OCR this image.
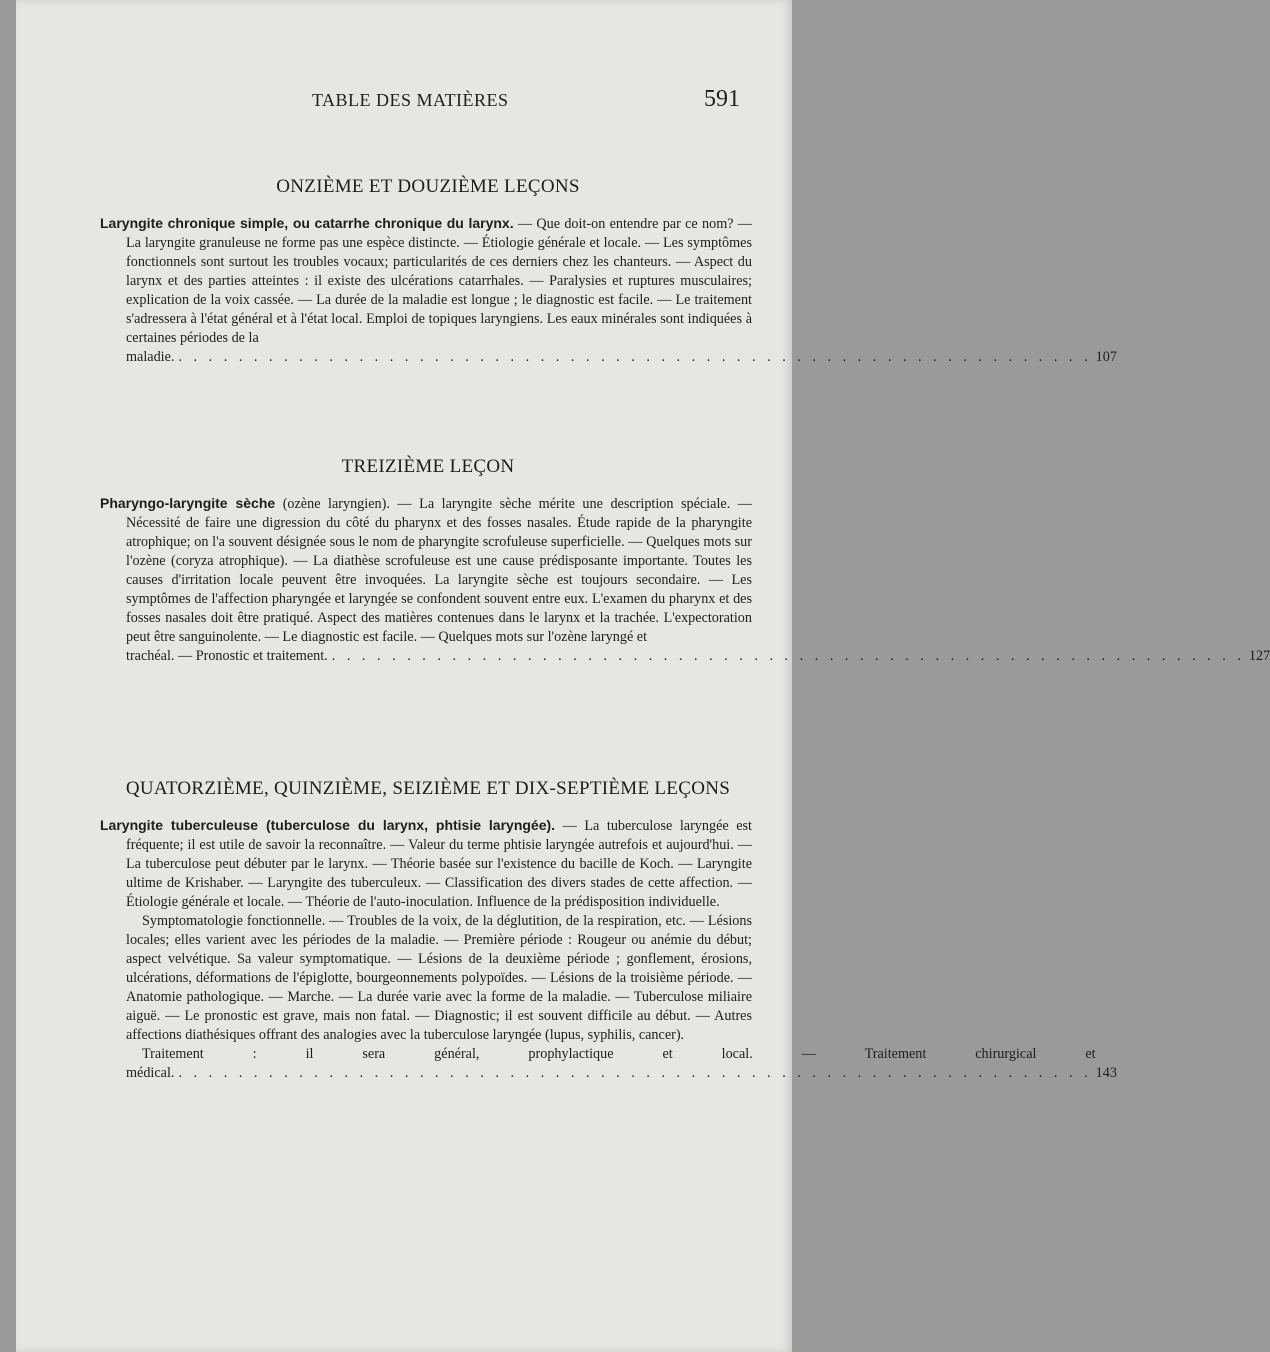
TABLE DES MATIÈRES	591
ONZIÈME ET DOUZIÈME LEÇONS

Laryngite chronique simple, ou catarrhe chronique du larynx. — Que doit-on entendre par ce nom? — La laryngite granuleuse ne forme pas une espèce distincte. — Étiologie générale et locale. — Les symptômes fonctionnels sont surtout les troubles vocaux; particularités de ces derniers chez les chanteurs. — Aspect du larynx et des parties atteintes : il existe des ulcérations catarrhales. — Paralysies et ruptures musculaires; explication de la voix cassée. — La durée de la maladie est longue ; le diagnostic est facile. — Le traitement s'adressera à l'état général et à l'état local. Emploi de topiques laryngiens. Les eaux minérales sont indiquées à certaines périodes de la

maladie. . . .	107

TREIZIÈME LEÇON

Pharyngo-laryngite sèche (ozène laryngien). — La laryngite sèche mérite une description spéciale. — Nécessité de faire une digression du côté du pharynx et des fosses nasales. Étude rapide de la pharyngite atrophique; on l'a souvent désignée sous le nom de pharyngite scrofuleuse superficielle. — Quelques mots sur l'ozène (coryza atrophique). — La diathèse scrofuleuse est une cause prédisposante importante. Toutes les causes d'irritation locale peuvent être invoquées. La laryngite sèche est toujours secondaire. — Les symptômes de l'affection pharyngée et laryngée se confondent souvent entre eux. L'examen du pharynx et des fosses nasales doit être pratiqué. Aspect des matières contenues dans le larynx et la trachée. L'expectoration peut être sanguinolente. — Le diagnostic est facile. — Quelques mots sur l'ozène laryngé et

trachéal. — Pronostic et traitement. . . .	127

QUATORZIÈME, QUINZIÈME, SEIZIÈME ET DIX-SEPTIÈME LEÇONS

Laryngite tuberculeuse (tuberculose du larynx, phtisie laryngée). — La tuberculose laryngée est fréquente; il est utile de savoir la reconnaître. — Valeur du terme phtisie laryngée autrefois et aujourd'hui. — La tuberculose peut débuter par le larynx. — Théorie basée sur l'existence du bacille de Koch. — Laryngite ultime de Krishaber. — Laryngite des tuberculeux. — Classification des divers stades de cette affection. — Étiologie générale et locale. — Théorie de l'auto-inoculation. Influence de la prédisposition individuelle.

Symptomatologie fonctionnelle. — Troubles de la voix, de la déglutition, de la respiration, etc. — Lésions locales; elles varient avec les périodes de la maladie. — Première période : Rougeur ou anémie du début; aspect velvétique. Sa valeur symptomatique. — Lésions de la deuxième période ; gonflement, érosions, ulcérations, déformations de l'épiglotte, bourgeonnements polypoïdes. — Lésions de la troisième période. — Anatomie pathologique. — Marche. — La durée varie avec la forme de la maladie. — Tuberculose miliaire aiguë. — Le pronostic est grave, mais non fatal. — Diagnostic; il est souvent difficile au début. — Autres affections diathésiques offrant des analogies avec la tuberculose laryngée (lupus, syphilis, cancer).

Traitement : il sera général, prophylactique et local. — Traitement chirurgical et médical. . . .	143
